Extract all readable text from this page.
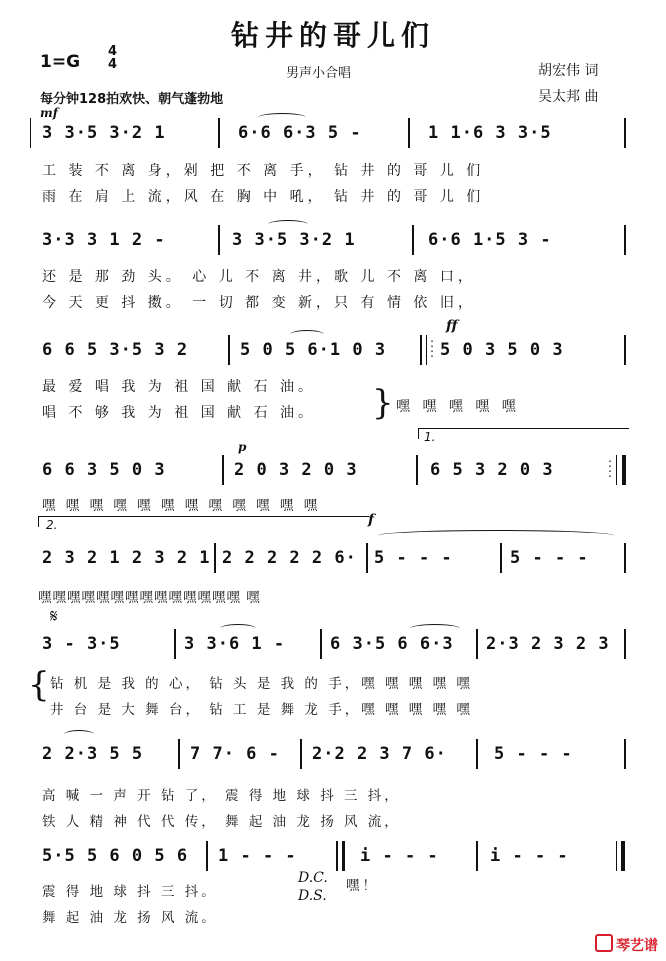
钻井的哥儿们
1=G
4
4
男声小合唱	胡宏伟 词
吴太邦 曲
每分钟128拍欢快、朝气蓬勃地
mf
3 3·5 3·2 1	6·6 6·3 5 -	1 1·6 3 3·5
工 装 不 离 身，剁 把 不 离 手， 钻 井 的 哥 儿 们
雨 在 肩 上 流，风 在 胸 中 吼， 钻 井 的 哥 儿 们
3·3 3 1 2 -	3 3·5 3·2 1	6·6 1·5 3 -
还 是 那 劲 头。 心 儿 不 离 井，歌 儿 不 离 口，
今 天 更 抖 擞。 一 切 都 变 新，只 有 情 依 旧，
6 6 5 3·5 3 2	5 0 5 6·1 0 3	:
:
ff
5 0 3 5 0 3
最 爱 唱 我 为 祖 国 献 石 油。
唱 不 够 我 为 祖 国 献 石 油。 } 嘿 嘿 嘿 嘿 嘿
1.
p
6 6 3 5 0 3	2 0 3 2 0 3	6 5 3 2 0 3	:
:
嘿 嘿 嘿 嘿 嘿 嘿 嘿 嘿 嘿 嘿 嘿 嘿
2.	f
2 3 2 1 2 3 2 1 2 2 2 2 2 6· 5 - - -	5 - - -
嘿嘿嘿嘿嘿嘿嘿嘿嘿嘿嘿嘿嘿嘿 嘿
𝄋
3 - 3·5	3 3·6 1 -	6 3·5 6 6·3 2·3 2 3 2 3
{ 钻 机 是 我 的 心， 钻 头 是 我 的 手，嘿 嘿 嘿 嘿 嘿
井 台 是 大 舞 台， 钻 工 是 舞 龙 手，嘿 嘿 嘿 嘿 嘿
2 2·3 5 5	7 7· 6 - 2·2 2 3 7 6·	5 - - -
高 喊 一 声 开 钻 了， 震 得 地 球 抖 三 抖，
铁 人 精 神 代 代 传， 舞 起 油 龙 扬 风 流，
5·5 5 6 0 5 6 1 - - -	i - - -	i - - -
震 得 地 球 抖 三 抖。
舞 起 油 龙 扬 风 流。
D.C.
D.S.
嘿！
琴艺谱
